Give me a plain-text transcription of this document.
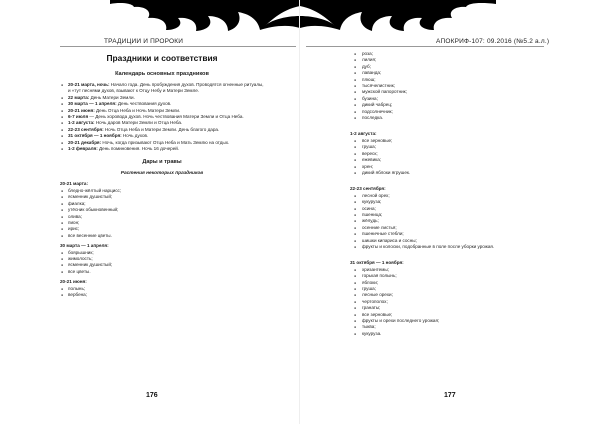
ТРАДИЦИИ И ПРОРОКИ
Праздники и соответствия
Календарь основных праздников
● 20-21 марта, ночь: Начало года. День пробуждения духов. Проводятся огненные ритуалы, и «тут песнями духов, взывают к Отцу Небу и Матери Земле.
● 22 марта: День Матери Земли.
● 30 марта — 1 апреля: День чествования духов.
● 20-21 июня: День Отца Неба и Ночь Матери Земли.
● 6-7 июля — День хоровода духов. Ночь чествования Матери Земли и Отца Неба.
● 1-2 августа: Ночь даров Матери Земли и Отца Неба.
● 22-23 сентября: Ночь Отца Неба и Матери Земли. День благого дара.
● 31 октября — 1 ноября: Ночь духов.
● 20-21 декабря: Ночь, когда призывают Отца Неба и Мать Землю на отдых.
● 1-2 февраля: День поминовения. Ночь 16 дочерей.
Дары и травы
Растения некоторых праздников
20-21 марта:
● бледно-жёлтый нарцисс;
● ясменник душистый;
● фиалка;
● утёсник обыкновенный;
● олива;
● пион;
● ирис;
● все весенние цветы.
30 марта — 1 апреля:
● боярышник;
● жимолость;
● ясменник душистый;
● все цветы.
20-21 июня:
● полынь;
● вербена;
176
АПОКРИФ-107: 09.2016 (№5.2 а.л.)
● роза;
● лилия;
● дуб;
● лаванда;
● плюш;
● тысячелистник;
● мужской папоротник;
● бузина;
● дикий чабрец;
● подсолнечник;
● последка.
1-2 августа:
● все зерновые;
● груша;
● вереск;
● ежевика;
● хрен;
● дикий яблоки ягрушек.
22-23 сентября:
● лесной орех;
● кукуруза;
● осина;
● пшеница;
● жёлудь;
● осенние листья;
● пшеничные стебли;
● шишки кипариса и сосны;
● фрукты и колоски, подобранные в поле после уборки урожая.
31 октября — 1 ноября:
● хризантемы;
● горькая полынь;
● яблоки;
● груша;
● лесные орехи;
● чертополох;
● гранаты;
● все зерновые;
● фрукты и орехи последнего урожая;
● тыква;
● кукуруза.
177
